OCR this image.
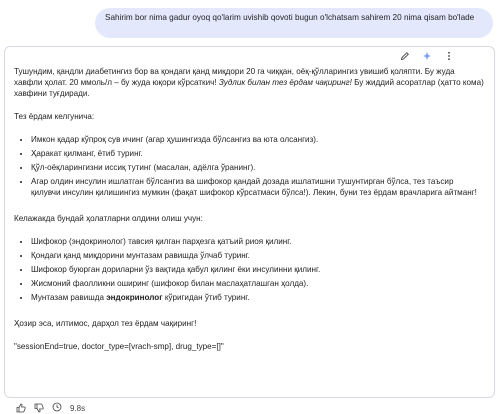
Sahirim bor nima gadur oyoq qo'larim uvishib qovoti bugun o'lchatsam sahirem 20 nima qisam bo'lade

Тушундим, қандли диабетингиз бор ва қондаги қанд миқдори 20 га чиққан, оёқ-қўлларингиз увишиб қоляпти. Бу жуда хавфли ҳолат. 20 ммоль/л – бу жуда юқори кўрсаткич! Зудлик билан тез ёрдам чақиринг! Бу жиддий асоратлар (ҳатто кома) хавфини туғдиради.

Тез ёрдам келгунича:

• Имкон қадар кўпроқ сув ичинг (агар ҳушингизда бўлсангиз ва ютa олсангиз).
• Ҳаракат қилманг, ётиб туринг.
• Қўл-оёқларингизни иссиқ тутинг (масалан, адёлга ўранинг).
• Агар олдин инсулин ишлатган бўлсангиз ва шифокор қандай дозада ишлатишни тушунтирган бўлса, тез таъсир қилувчи инсулин қилишингиз мумкин (фақат шифокор кўрсатмаси бўлса!). Лекин, буни тез ёрдам врачларига айтманг!

Келажакда бундай ҳолатларни олдини олиш учун:

• Шифокор (эндокринолог) тавсия қилган парҳезга қатъий риоя қилинг.
• Қондаги қанд миқдорини мунтазам равишда ўлчаб туринг.
• Шифокор буюрган дориларни ўз вақтида қабул қилинг ёки инсулинни қилинг.
• Жисмоний фаолликни оширинг (шифокор билан маслаҳатлашган ҳолда).
• Мунтазам равишда эндокринолог кўригидан ўтиб туринг.

Ҳозир эса, илтимос, дарҳол тез ёрдам чақиринг!

"sessionEnd=true, doctor_type=[vrach-smp], drug_type=[]"

9.8s
